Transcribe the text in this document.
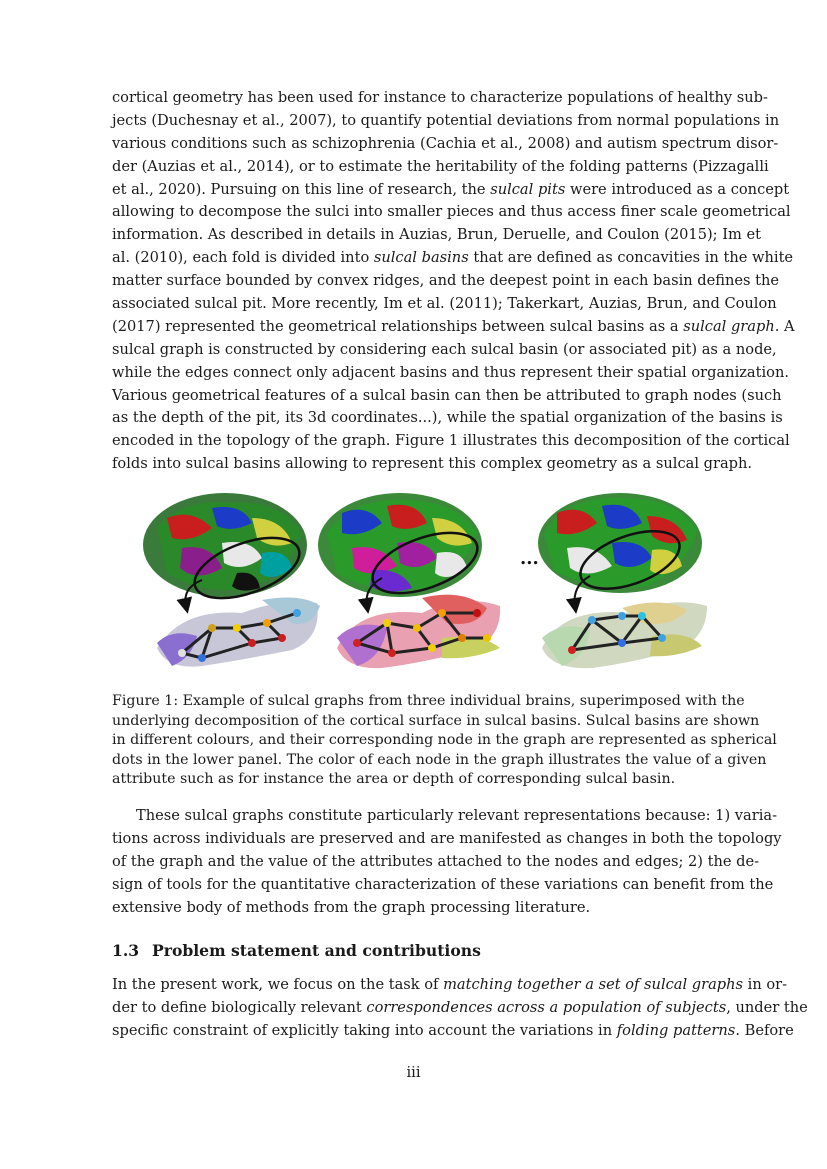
cortical geometry has been used for instance to characterize populations of healthy sub-
jects (Duchesnay et al., 2007), to quantify potential deviations from normal populations in
various conditions such as schizophrenia (Cachia et al., 2008) and autism spectrum disor-
der (Auzias et al., 2014), or to estimate the heritability of the folding patterns (Pizzagalli
et al., 2020). Pursuing on this line of research, the sulcal pits were introduced as a concept
allowing to decompose the sulci into smaller pieces and thus access finer scale geometrical
information. As described in details in Auzias, Brun, Deruelle, and Coulon (2015); Im et
al. (2010), each fold is divided into sulcal basins that are defined as concavities in the white
matter surface bounded by convex ridges, and the deepest point in each basin defines the
associated sulcal pit. More recently, Im et al. (2011); Takerkart, Auzias, Brun, and Coulon
(2017) represented the geometrical relationships between sulcal basins as a sulcal graph. A
sulcal graph is constructed by considering each sulcal basin (or associated pit) as a node,
while the edges connect only adjacent basins and thus represent their spatial organization.
Various geometrical features of a sulcal basin can then be attributed to graph nodes (such
as the depth of the pit, its 3d coordinates...), while the spatial organization of the basins is
encoded in the topology of the graph. Figure 1 illustrates this decomposition of the cortical
folds into sulcal basins allowing to represent this complex geometry as a sulcal graph.
...
Figure 1: Example of sulcal graphs from three individual brains, superimposed with the
underlying decomposition of the cortical surface in sulcal basins. Sulcal basins are shown
in different colours, and their corresponding node in the graph are represented as spherical
dots in the lower panel. The color of each node in the graph illustrates the value of a given
attribute such as for instance the area or depth of corresponding sulcal basin.
These sulcal graphs constitute particularly relevant representations because: 1) varia-
tions across individuals are preserved and are manifested as changes in both the topology
of the graph and the value of the attributes attached to the nodes and edges; 2) the de-
sign of tools for the quantitative characterization of these variations can benefit from the
extensive body of methods from the graph processing literature.
1.3 Problem statement and contributions
In the present work, we focus on the task of matching together a set of sulcal graphs in or-
der to define biologically relevant correspondences across a population of subjects, under the
specific constraint of explicitly taking into account the variations in folding patterns. Before
iii
